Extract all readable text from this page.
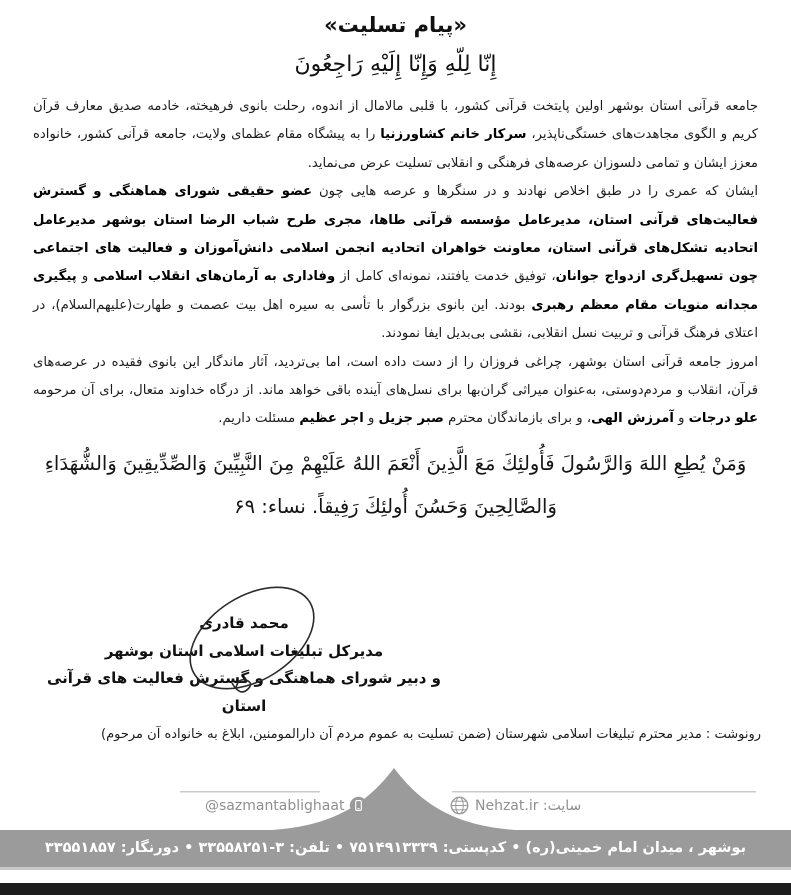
«پیام تسلیت»
إِنّا لِلّهِ وَإِنّا إِلَيْهِ رَاجِعُونَ

جامعه قرآنی استان بوشهر اولین پایتخت قرآنی کشور، با قلبی مالامال از اندوه، رحلت بانوی فرهیخته، خادمه صدیق معارف قرآن کریم و الگوی مجاهدت‌های خستگی‌ناپذیر، سرکار خانم کشاورزنیا را به پیشگاه مقام عظمای ولایت، جامعه قرآنی کشور، خانواده معزز ایشان و تمامی دلسوزان عرصه‌های فرهنگی و انقلابی تسلیت عرض می‌نماید.

ایشان که عمری را در طبق اخلاص نهادند و در سنگرها و عرصه هایی چون عضو حقیقی شورای هماهنگی و گسترش فعالیت‌های قرآنی استان، مدیرعامل مؤسسه قرآنی طاها، مجری طرح شباب الرضا استان بوشهر مدیرعامل اتحادیه تشکل‌های قرآنی استان، معاونت خواهران اتحادیه انجمن اسلامی دانش‌آموزان و فعالیت های اجتماعی چون تسهیل‌گری ازدواج جوانان، توفیق خدمت یافتند، نمونه‌ای کامل از وفاداری به آرمان‌های انقلاب اسلامی و پیگیری مجدانه منویات مقام معظم رهبری بودند. این بانوی بزرگوار با تأسی به سیره اهل بیت عصمت و طهارت(علیهم‌السلام)، در اعتلای فرهنگ قرآنی و تربیت نسل انقلابی، نقشی بی‌بدیل ایفا نمودند.

امروز جامعه قرآنی استان بوشهر، چراغی فروزان را از دست داده است، اما بی‌تردید، آثار ماندگار این بانوی فقیده در عرصه‌های قرآن، انقلاب و مردم‌دوستی، به‌عنوان میراثی گران‌بها برای نسل‌های آینده باقی خواهد ماند. از درگاه خداوند متعال، برای آن مرحومه علو درجات و آمرزش الهی، و برای بازماندگان محترم صبر جزیل و اجر عظیم مسئلت داریم.

وَمَنْ يُطِعِ اللهَ وَالرَّسُولَ فَأُولئِكَ مَعَ الَّذِينَ أَنْعَمَ اللهُ عَلَيْهِمْ مِنَ النَّبِيِّينَ وَالصِّدِّيقِينَ وَالشُّهَدَاءِ
وَالصَّالِحِينَ وَحَسُنَ أُولئِكَ رَفِيقاً. نساء: ۶۹
محمد قادری
مدیرکل تبلیغات اسلامی استان بوشهر
و دبیر شورای هماهنگی و گسترش فعالیت های قرآنی استان
رونوشت : مدیر محترم تبلیغات اسلامی شهرستان (ضمن تسلیت به عموم مردم آن دارالمومنین، ابلاغ به خانواده آن مرحوم)
@sazmantablighaat	سایت: Nehzat.ir
بوشهر ، میدان امام خمینی(ره) • کدپستی: ۷۵۱۴۹۱۳۳۳۹ • تلفن: ۳-۳۳۵۵۸۲۵۱ • دورنگار: ۳۳۵۵۱۸۵۷
